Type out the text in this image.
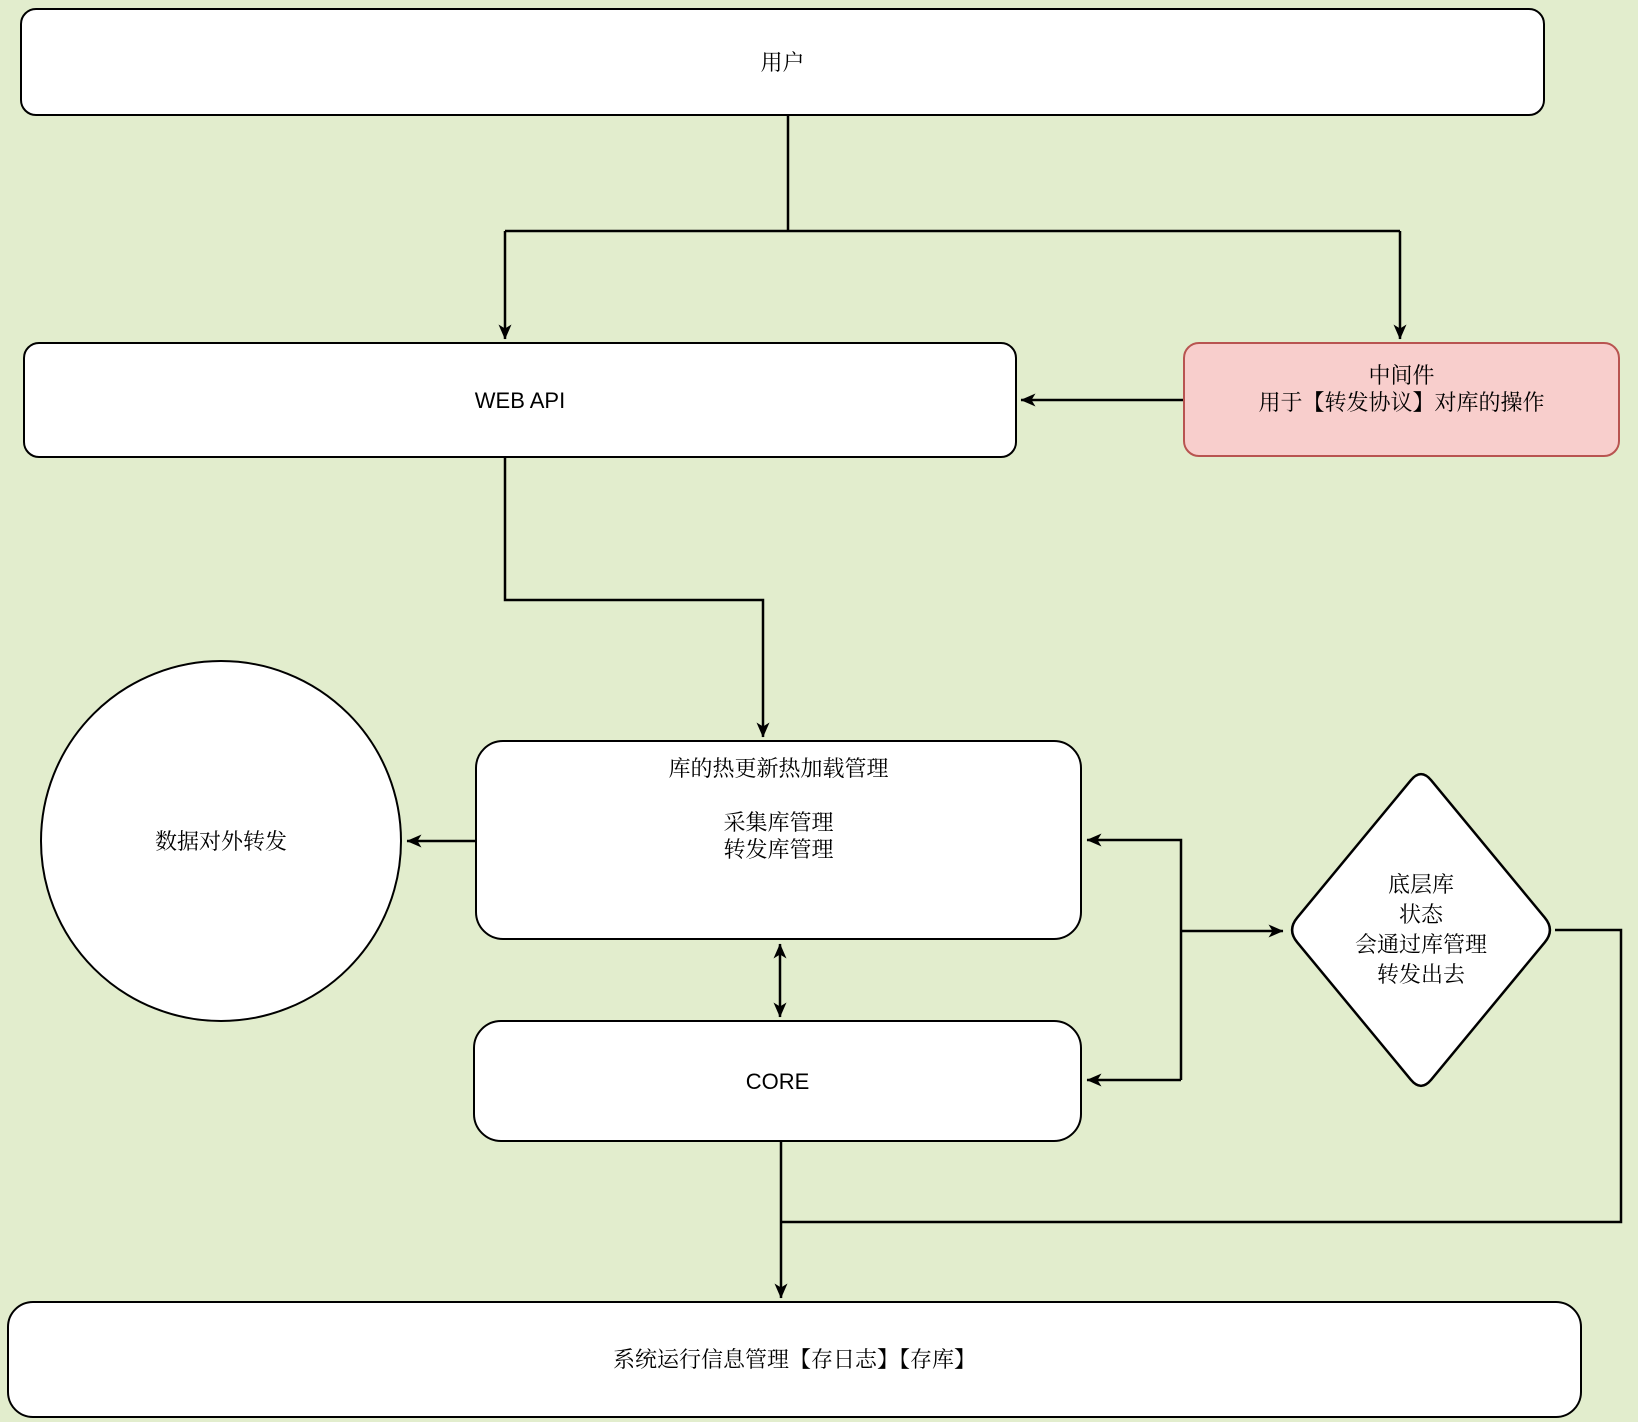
用户
WEB API
中间件
用于【转发协议】对库的操作
库的热更新热加载管理
采集库管理
转发库管理
数据对外转发
CORE
底层库
状态
会通过库管理
转发出去
系统运行信息管理【存日志】【存库】
